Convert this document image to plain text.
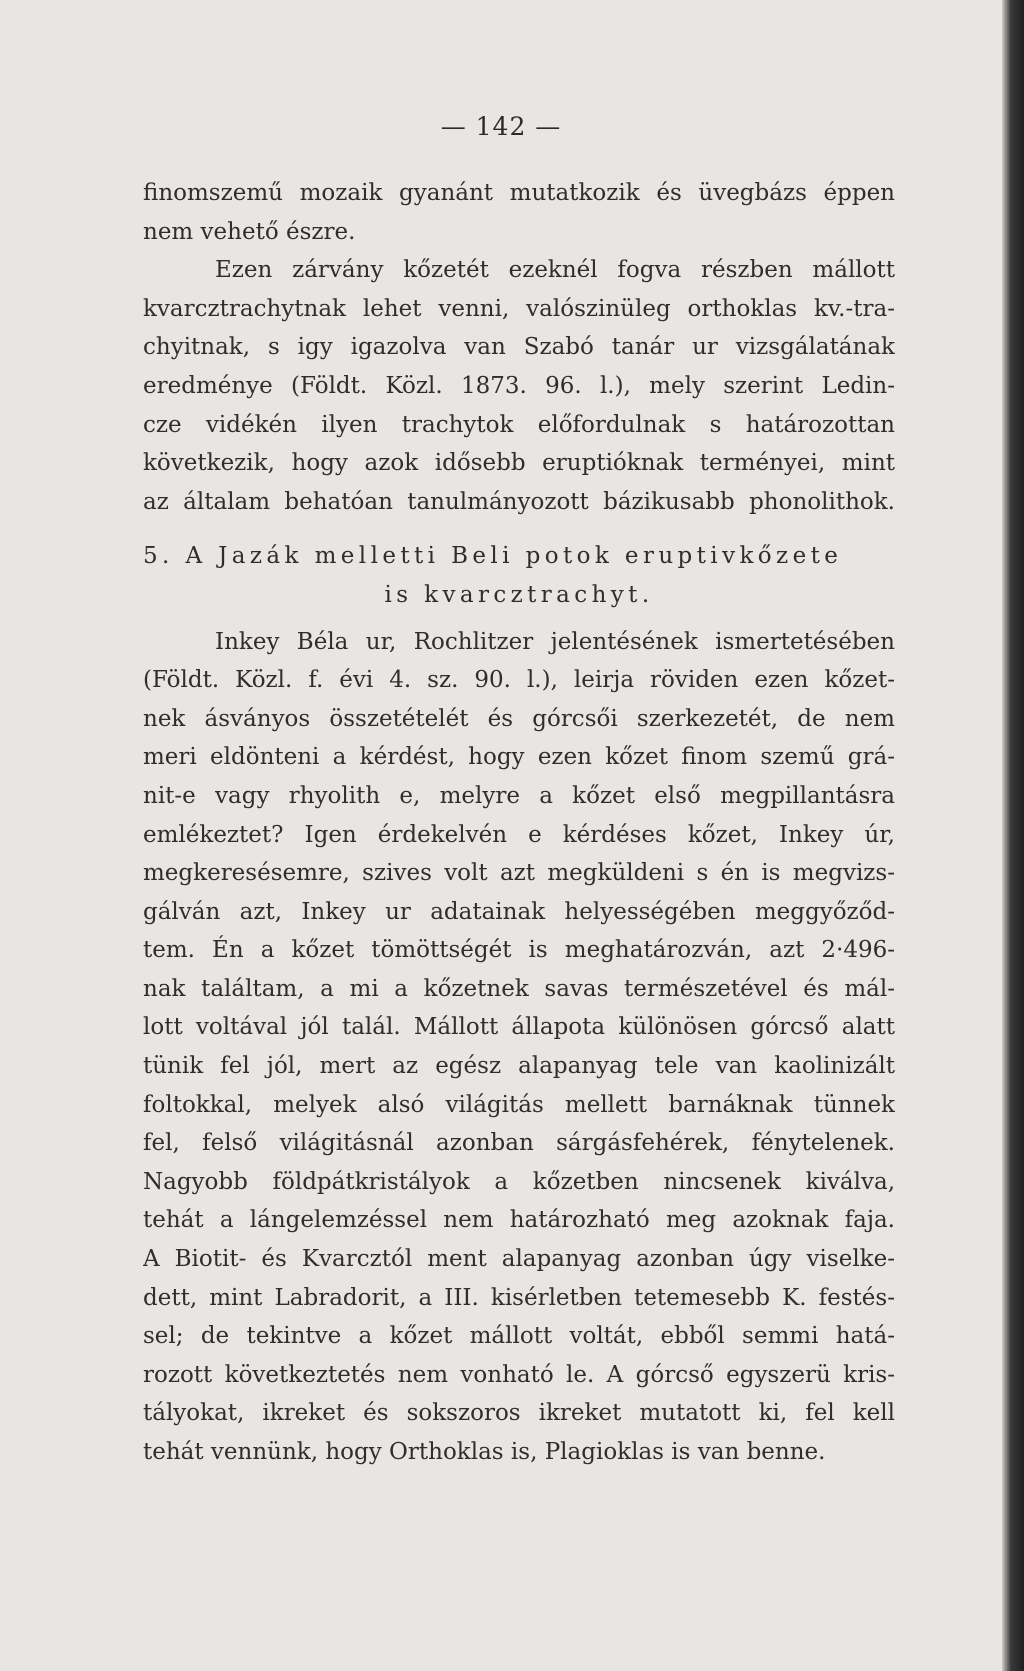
— 142 —
finomszemű mozaik gyanánt mutatkozik és üvegbázs éppen
nem vehető észre.
Ezen zárvány kőzetét ezeknél fogva részben mállott
kvarcztrachytnak lehet venni, valószinüleg orthoklas kv.-tra-
chyitnak, s igy igazolva van Szabó tanár ur vizsgálatának
eredménye (Földt. Közl. 1873. 96. l.), mely szerint Ledin-
cze vidékén ilyen trachytok előfordulnak s határozottan
következik, hogy azok idősebb eruptióknak terményei, mint
az általam behatóan tanulmányozott bázikusabb phonolithok.
5. A Jazák melletti Beli potok eruptivkőzete
is kvarcztrachyt.
Inkey Béla ur, Rochlitzer jelentésének ismertetésében
(Földt. Közl. f. évi 4. sz. 90. l.), leirja röviden ezen kőzet-
nek ásványos összetételét és górcsői szerkezetét, de nem
meri eldönteni a kérdést, hogy ezen kőzet finom szemű grá-
nit-e vagy rhyolith e, melyre a kőzet első megpillantásra
emlékeztet? Igen érdekelvén e kérdéses kőzet, Inkey úr,
megkeresésemre, szives volt azt megküldeni s én is megvizs-
gálván azt, Inkey ur adatainak helyességében meggyőződ-
tem. Én a kőzet tömöttségét is meghatározván, azt 2·496-
nak találtam, a mi a kőzetnek savas természetével és mál-
lott voltával jól talál. Mállott állapota különösen górcső alatt
tünik fel jól, mert az egész alapanyag tele van kaolinizált
foltokkal, melyek alsó világitás mellett barnáknak tünnek
fel, felső világitásnál azonban sárgásfehérek, fénytelenek.
Nagyobb földpátkristályok a kőzetben nincsenek kiválva,
tehát a lángelemzéssel nem határozható meg azoknak faja.
A Biotit- és Kvarcztól ment alapanyag azonban úgy viselke-
dett, mint Labradorit, a III. kisérletben tetemesebb K. festés-
sel; de tekintve a kőzet mállott voltát, ebből semmi hatá-
rozott következtetés nem vonható le. A górcső egyszerü kris-
tályokat, ikreket és sokszoros ikreket mutatott ki, fel kell
tehát vennünk, hogy Orthoklas is, Plagioklas is van benne.
